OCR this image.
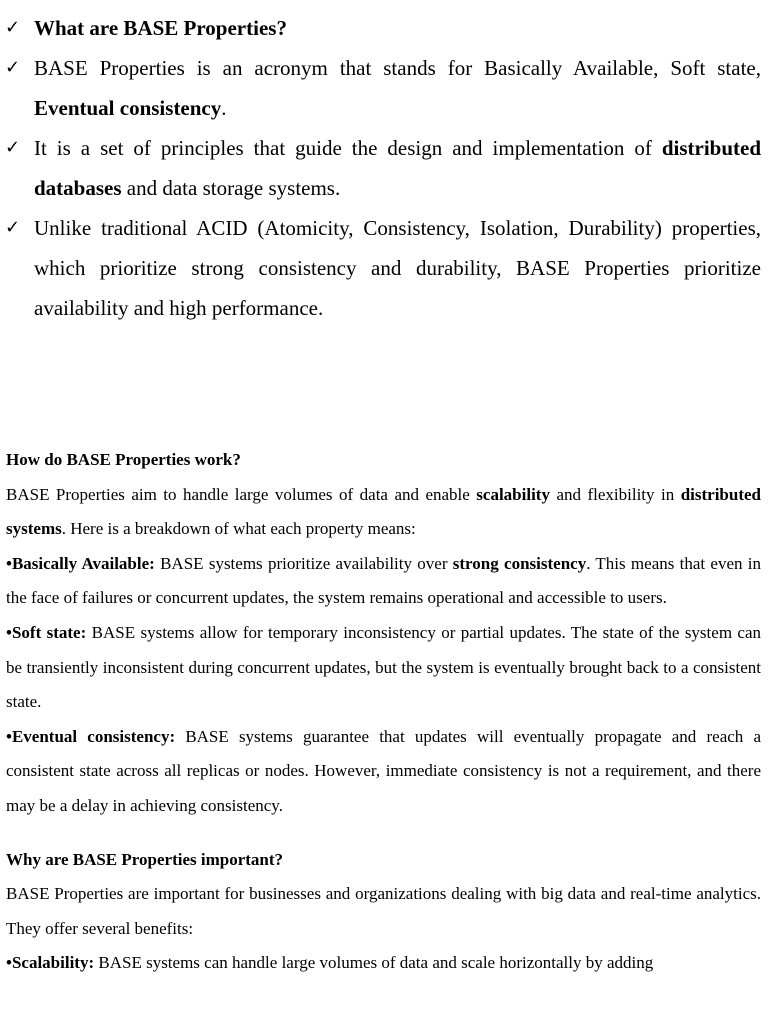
✓ What are BASE Properties?
✓ BASE Properties is an acronym that stands for Basically Available, Soft state, Eventual consistency.
✓ It is a set of principles that guide the design and implementation of distributed databases and data storage systems.
✓ Unlike traditional ACID (Atomicity, Consistency, Isolation, Durability) properties, which prioritize strong consistency and durability, BASE Properties prioritize availability and high performance.
How do BASE Properties work?

BASE Properties aim to handle large volumes of data and enable scalability and flexibility in distributed systems. Here is a breakdown of what each property means:

•Basically Available: BASE systems prioritize availability over strong consistency. This means that even in the face of failures or concurrent updates, the system remains operational and accessible to users.

•Soft state: BASE systems allow for temporary inconsistency or partial updates. The state of the system can be transiently inconsistent during concurrent updates, but the system is eventually brought back to a consistent state.

•Eventual consistency: BASE systems guarantee that updates will eventually propagate and reach a consistent state across all replicas or nodes. However, immediate consistency is not a requirement, and there may be a delay in achieving consistency.

Why are BASE Properties important?

BASE Properties are important for businesses and organizations dealing with big data and real-time analytics. They offer several benefits:

•Scalability: BASE systems can handle large volumes of data and scale horizontally by adding
